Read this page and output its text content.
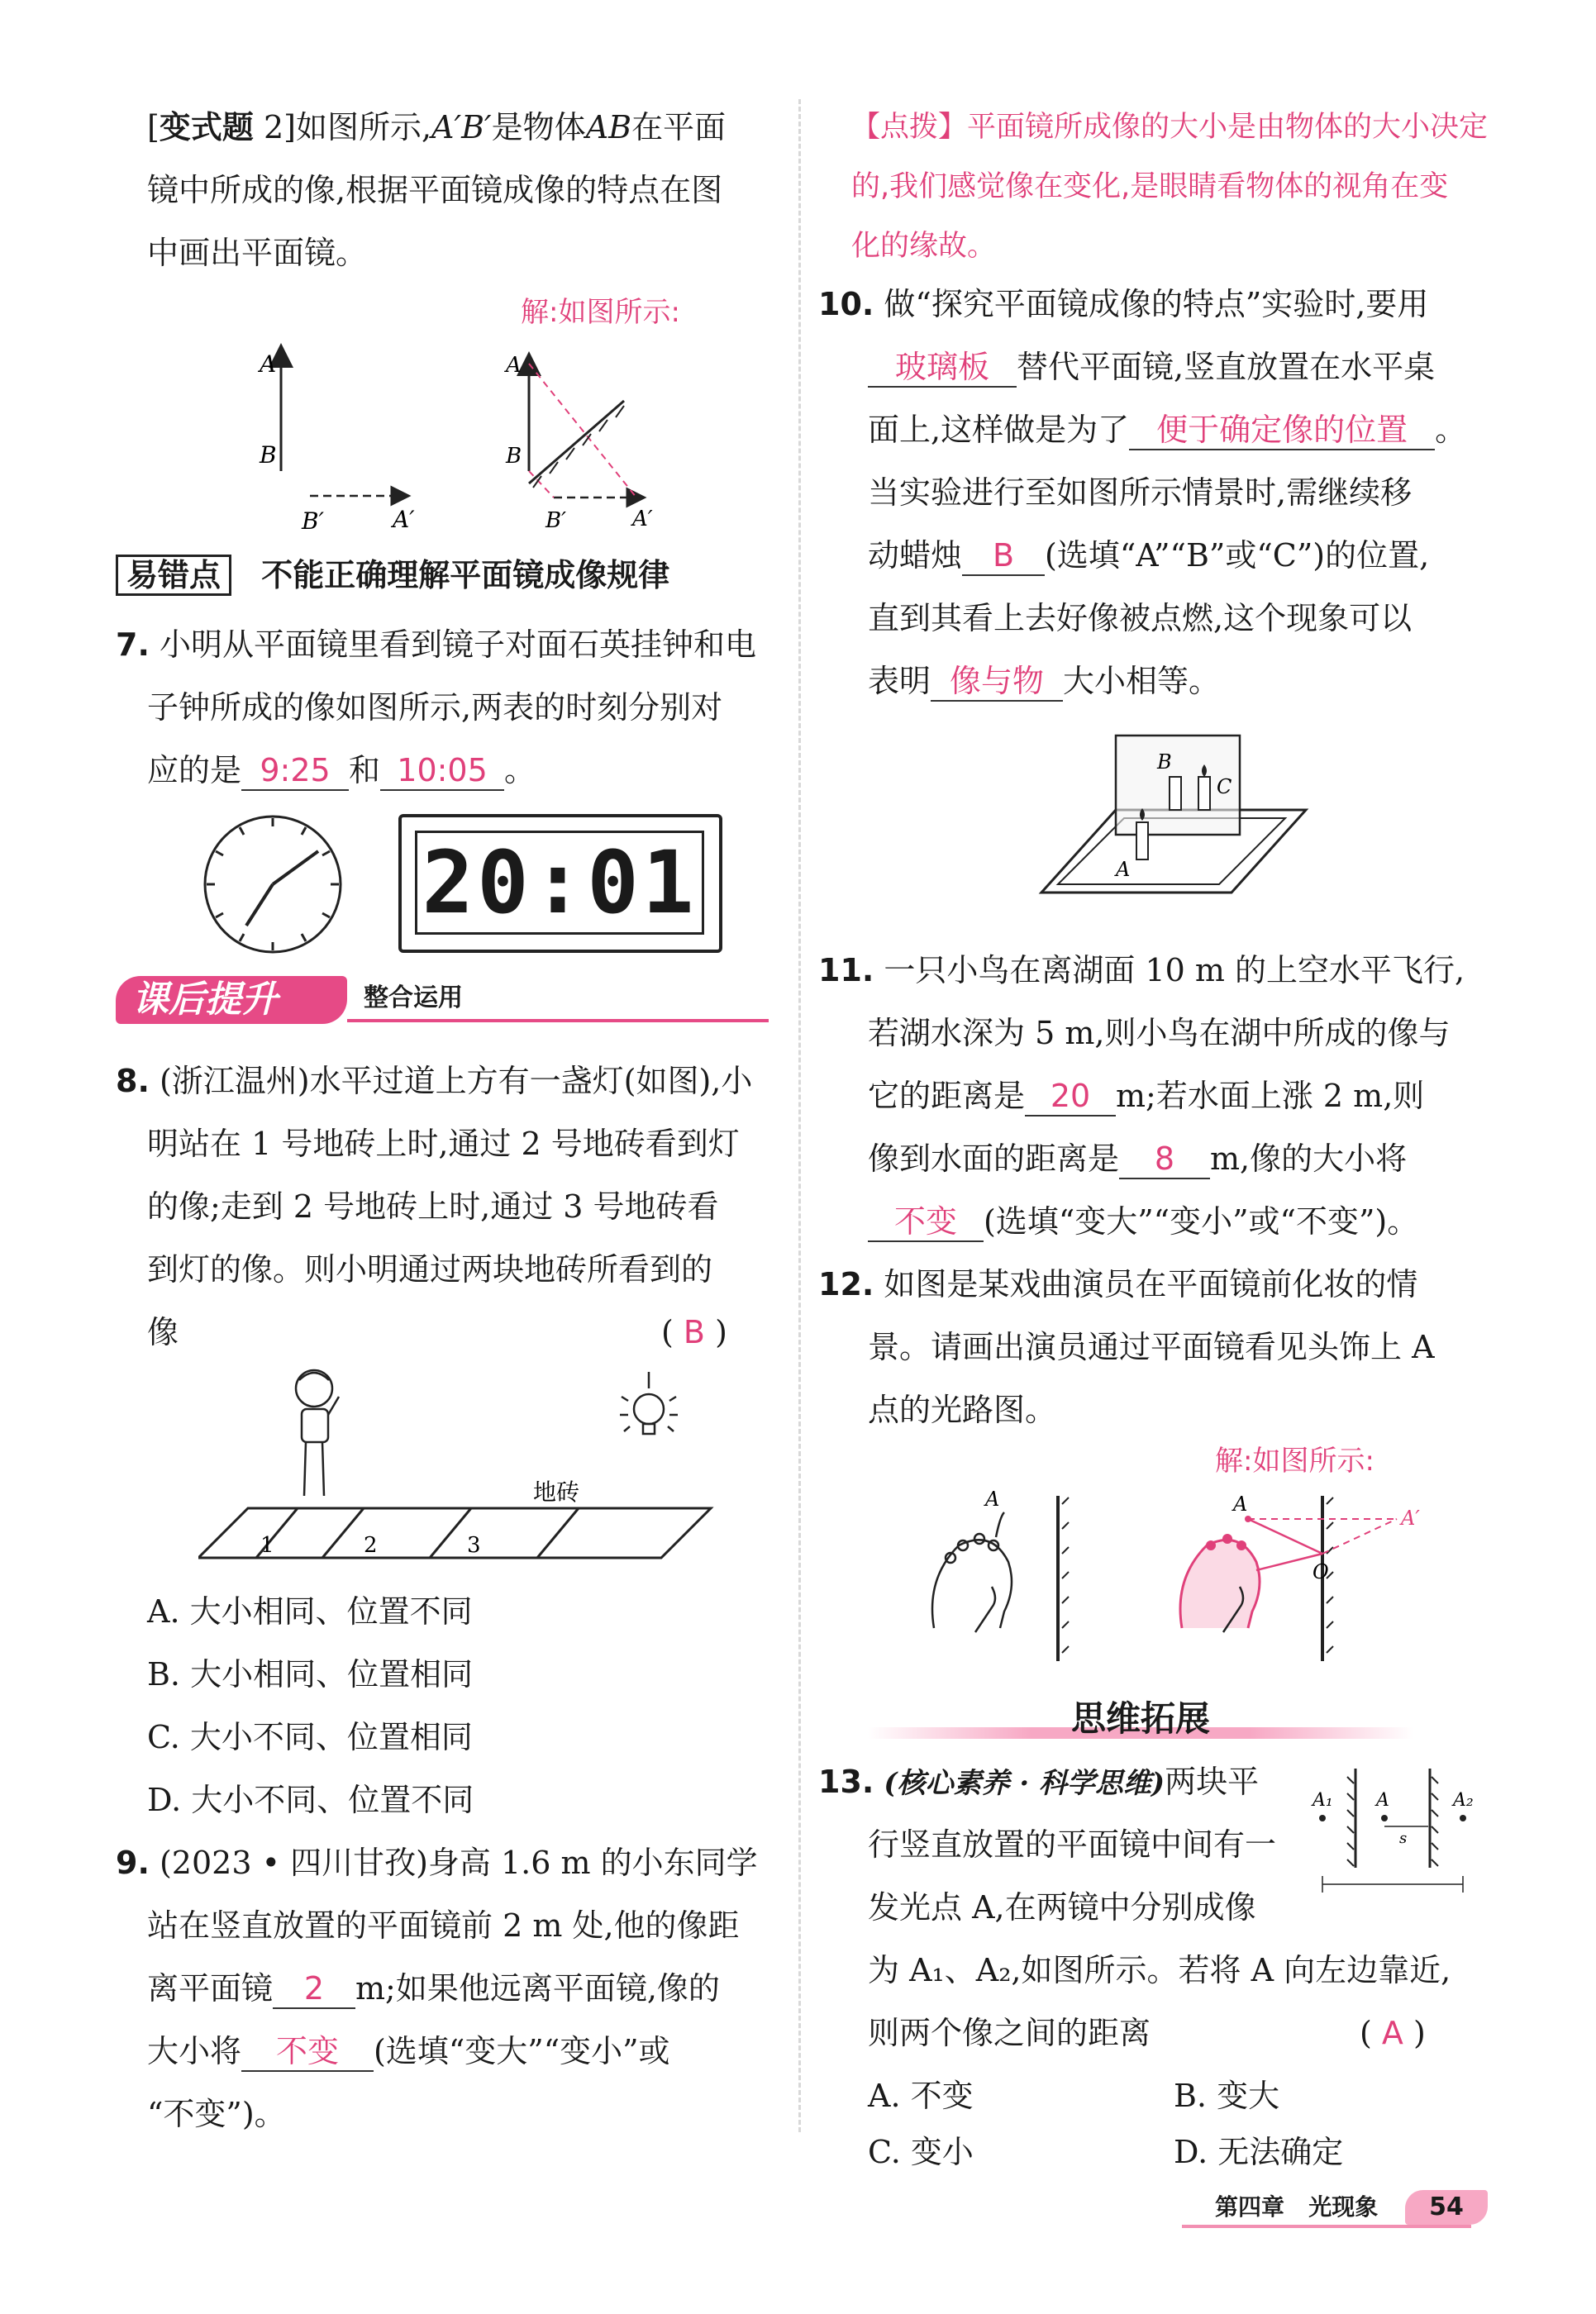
[变式题 2]如图所示,A′B′是物体AB在平面
镜中所成的像,根据平面镜成像的特点在图
中画出平面镜。
解:如图所示:
A
B
B′	A′
A
B
B′	A′
易错点 不能正确理解平面镜成像规律
7. 小明从平面镜里看到镜子对面石英挂钟和电
子钟所成的像如图所示,两表的时刻分别对
应的是 9:25 和 10:05 。
20:01
课后提升	整合运用
8. (浙江温州)水平过道上方有一盏灯(如图),小
明站在 1 号地砖上时,通过 2 号地砖看到灯
的像;走到 2 号地砖上时,通过 3 号地砖看
到灯的像。则小明通过两块地砖所看到的
像	( B )
1	2	3
地砖
A. 大小相同、位置不同
B. 大小相同、位置相同
C. 大小不同、位置相同
D. 大小不同、位置不同
9. (2023 • 四川甘孜)身高 1.6 m 的小东同学
站在竖直放置的平面镜前 2 m 处,他的像距
离平面镜 2 m;如果他远离平面镜,像的
大小将 不变 (选填“变大”“变小”或
“不变”)。
【点拨】平面镜所成像的大小是由物体的大小决定
的,我们感觉像在变化,是眼睛看物体的视角在变
化的缘故。
10. 做“探究平面镜成像的特点”实验时,要用
玻璃板 替代平面镜,竖直放置在水平桌
面上,这样做是为了 便于确定像的位置 。
当实验进行至如图所示情景时,需继续移
动蜡烛 B (选填“A”“B”或“C”)的位置,
直到其看上去好像被点燃,这个现象可以
表明 像与物 大小相等。
B
C
A
11. 一只小鸟在离湖面 10 m 的上空水平飞行,
若湖水深为 5 m,则小鸟在湖中所成的像与
它的距离是 20 m;若水面上涨 2 m,则
像到水面的距离是 8 m,像的大小将
不变 (选填“变大”“变小”或“不变”)。
12. 如图是某戏曲演员在平面镜前化妆的情
景。请画出演员通过平面镜看见头饰上 A
点的光路图。
解:如图所示:
A	A
A′
O
思维拓展
13. (核心素养 · 科学思维)两块平
行竖直放置的平面镜中间有一
发光点 A,在两镜中分别成像
为 A₁、A₂,如图所示。若将 A 向左边靠近,
则两个像之间的距离	( A )
A₁ A	A₂
s
A. 不变	B. 变大
C. 变小	D. 无法确定
第四章 光现象	54
